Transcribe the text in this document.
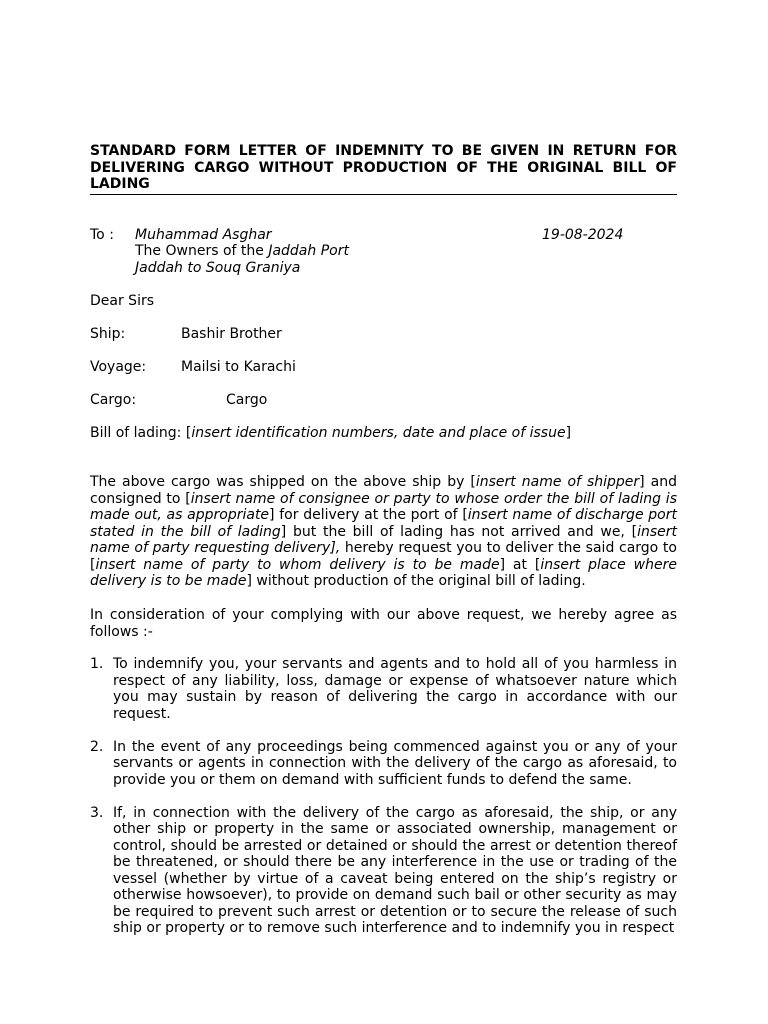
STANDARD FORM LETTER OF INDEMNITY TO BE GIVEN IN RETURN FOR
DELIVERING CARGO WITHOUT PRODUCTION OF THE ORIGINAL BILL OF
LADING
To : Muhammad Asghar	19-08-2024
The Owners of the Jaddah Port
Jaddah to Souq Graniya
Dear Sirs
Ship:	Bashir Brother
Voyage: Mailsi to Karachi
Cargo:	Cargo
Bill of lading: [insert identification numbers, date and place of issue]
The above cargo was shipped on the above ship by [insert name of shipper] and consigned to [insert name of consignee or party to whose order the bill of lading is made out, as appropriate] for delivery at the port of [insert name of discharge port stated in the bill of lading] but the bill of lading has not arrived and we, [insert name of party requesting delivery], hereby request you to deliver the said cargo to [insert name of party to whom delivery is to be made] at [insert place where delivery is to be made] without production of the original bill of lading.
In consideration of your complying with our above request, we hereby agree as follows :-
1. To indemnify you, your servants and agents and to hold all of you harmless in respect of any liability, loss, damage or expense of whatsoever nature which you may sustain by reason of delivering the cargo in accordance with our request.
2. In the event of any proceedings being commenced against you or any of your servants or agents in connection with the delivery of the cargo as aforesaid, to provide you or them on demand with sufficient funds to defend the same.
3. If, in connection with the delivery of the cargo as aforesaid, the ship, or any other ship or property in the same or associated ownership, management or control, should be arrested or detained or should the arrest or detention thereof be threatened, or should there be any interference in the use or trading of the vessel (whether by virtue of a caveat being entered on the ship’s registry or otherwise howsoever), to provide on demand such bail or other security as may be required to prevent such arrest or detention or to secure the release of such ship or property or to remove such interference and to indemnify you in respect
